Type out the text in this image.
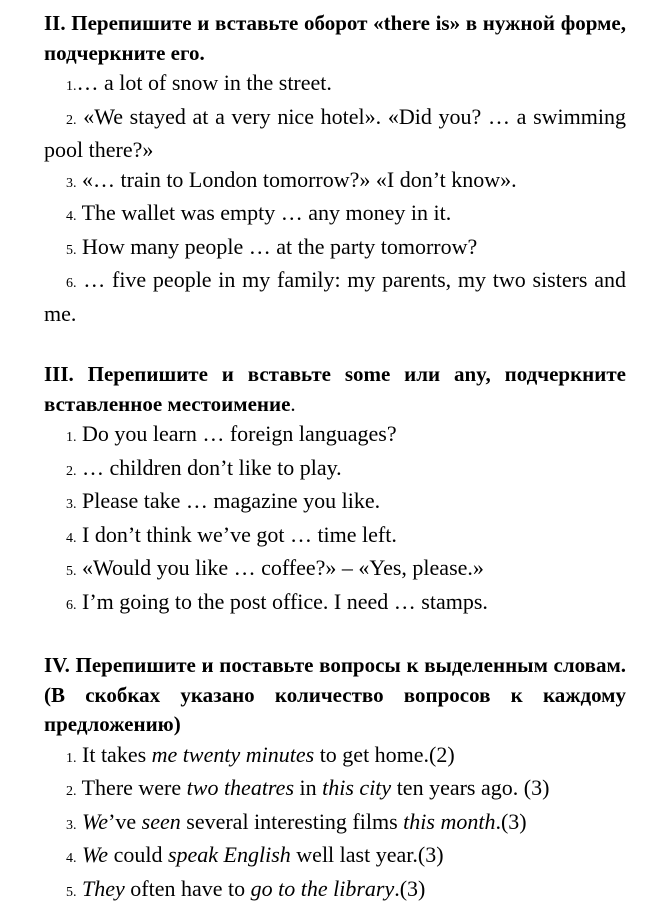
II. Перепишите и вставьте оборот «there is» в нужной форме, подчеркните его.

1.… a lot of snow in the street.

2. «We stayed at a very nice hotel». «Did you? … a swimming pool there?»

3. «… train to London tomorrow?» «I don’t know».

4. The wallet was empty … any money in it.

5. How many people … at the party tomorrow?

6. … five people in my family: my parents, my two sisters and me.

III. Перепишите и вставьте some или any, подчеркните вставленное местоимение.

1. Do you learn … foreign languages?

2. … children don’t like to play.

3. Please take … magazine you like.

4. I don’t think we’ve got … time left.

5. «Would you like … coffee?» – «Yes, please.»

6. I’m going to the post office. I need … stamps.

IV. Перепишите и поставьте вопросы к выделенным словам. (В скобках указано количество вопросов к каждому предложению)

1. It takes me twenty minutes to get home.(2)

2. There were two theatres in this city ten years ago. (3)

3. We’ve seen several interesting films this month.(3)

4. We could speak English well last year.(3)

5. They often have to go to the library.(3)
